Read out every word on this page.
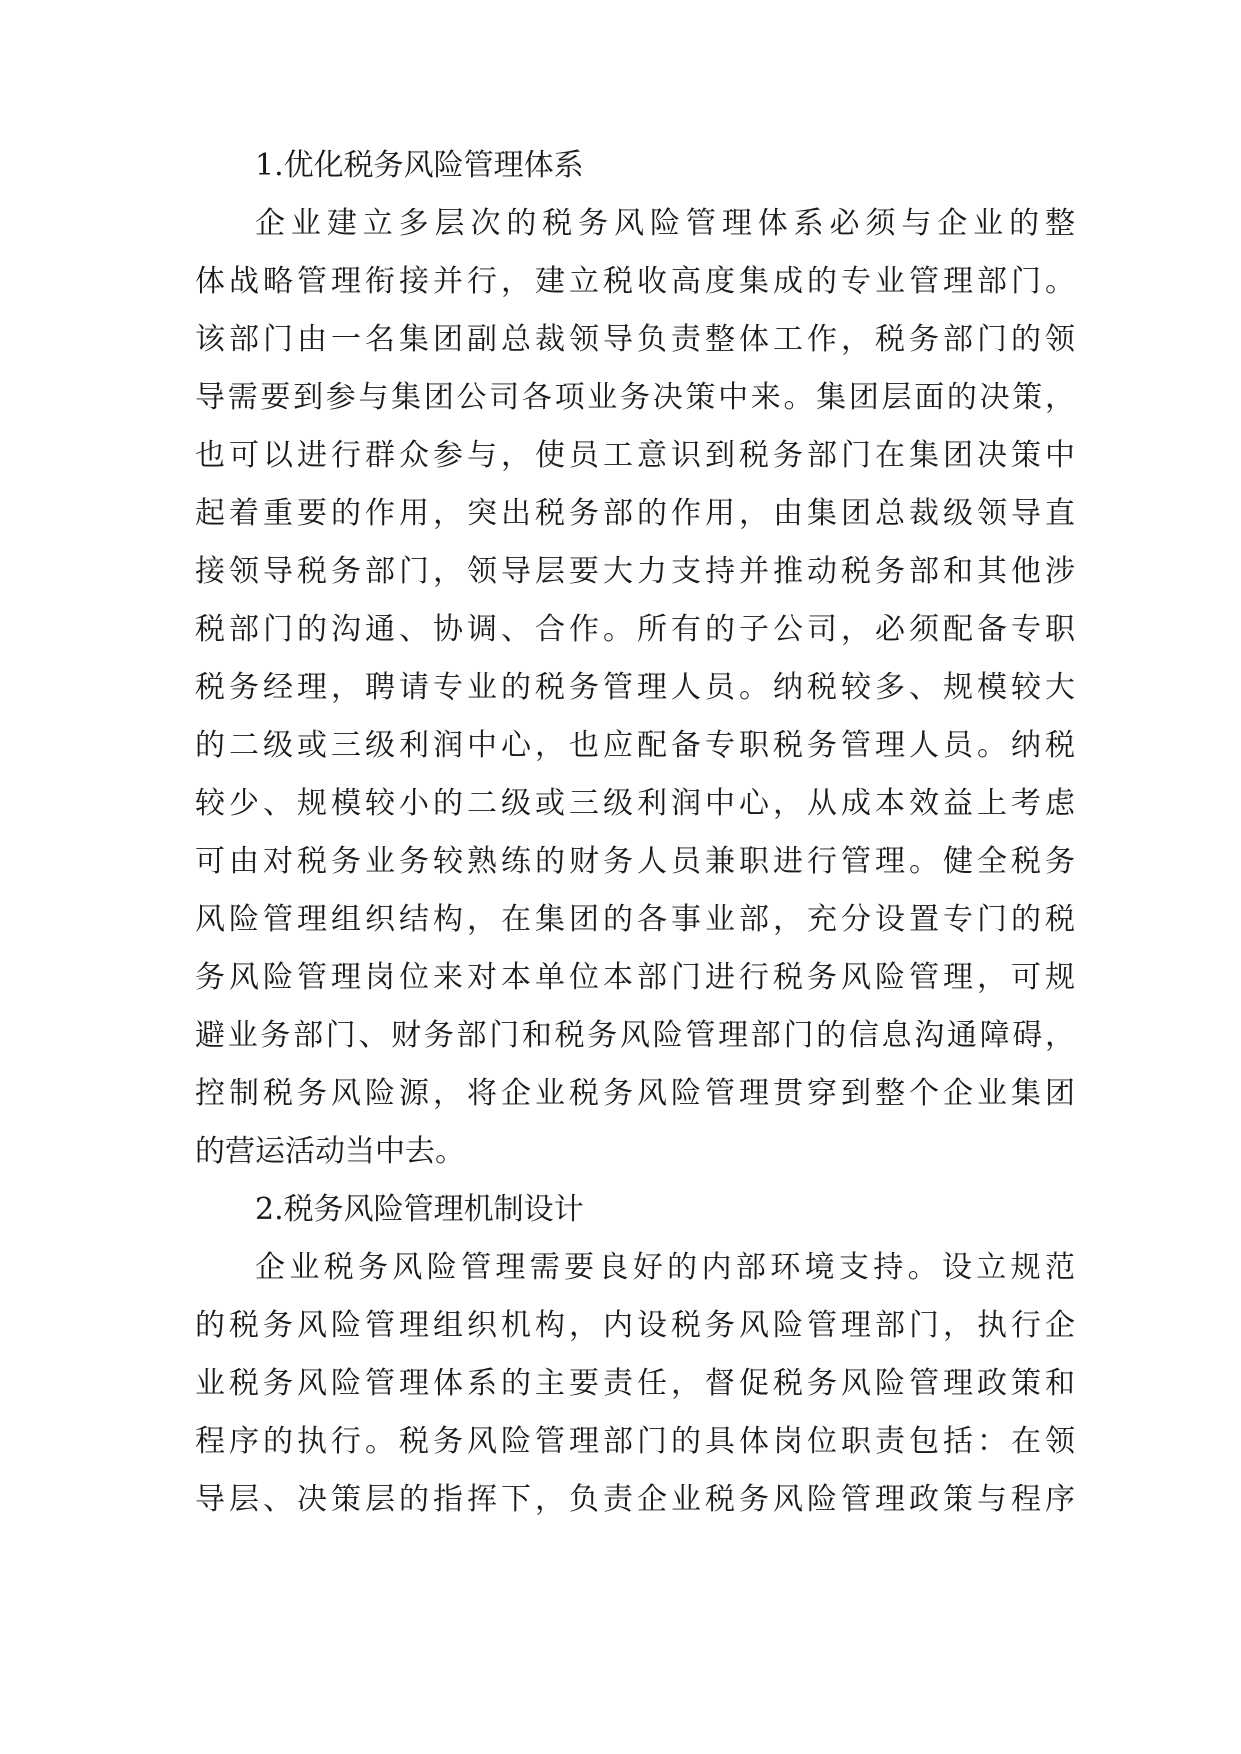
1.优化税务风险管理体系
企业建立多层次的税务风险管理体系必须与企业的整
体战略管理衔接并行，建立税收高度集成的专业管理部门。
该部门由一名集团副总裁领导负责整体工作，税务部门的领
导需要到参与集团公司各项业务决策中来。集团层面的决策，
也可以进行群众参与，使员工意识到税务部门在集团决策中
起着重要的作用，突出税务部的作用，由集团总裁级领导直
接领导税务部门，领导层要大力支持并推动税务部和其他涉
税部门的沟通、协调、合作。所有的子公司，必须配备专职
税务经理，聘请专业的税务管理人员。纳税较多、规模较大
的二级或三级利润中心，也应配备专职税务管理人员。纳税
较少、规模较小的二级或三级利润中心，从成本效益上考虑
可由对税务业务较熟练的财务人员兼职进行管理。健全税务
风险管理组织结构，在集团的各事业部，充分设置专门的税
务风险管理岗位来对本单位本部门进行税务风险管理，可规
避业务部门、财务部门和税务风险管理部门的信息沟通障碍，
控制税务风险源，将企业税务风险管理贯穿到整个企业集团
的营运活动当中去。
2.税务风险管理机制设计
企业税务风险管理需要良好的内部环境支持。设立规范
的税务风险管理组织机构，内设税务风险管理部门，执行企
业税务风险管理体系的主要责任，督促税务风险管理政策和
程序的执行。税务风险管理部门的具体岗位职责包括：在领
导层、决策层的指挥下，负责企业税务风险管理政策与程序
